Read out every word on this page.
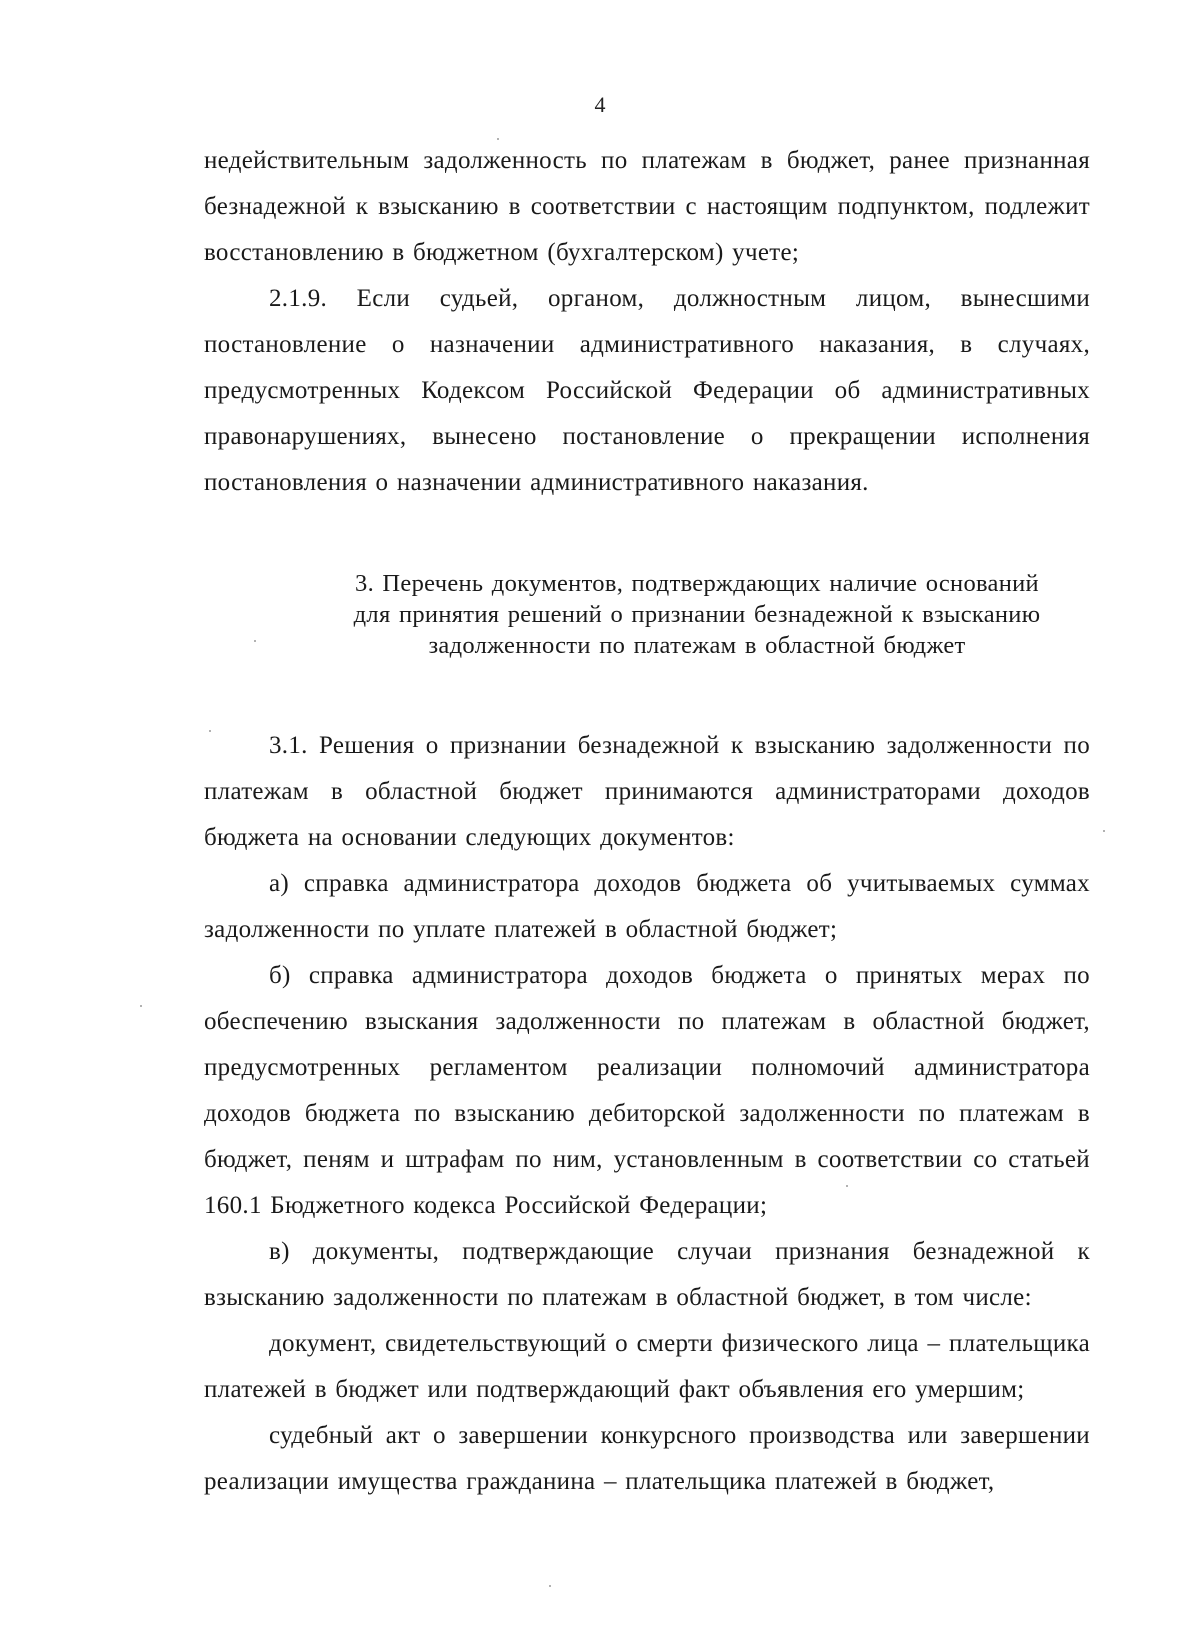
4

недействительным задолженность по платежам в бюджет, ранее признанная безнадежной к взысканию в соответствии с настоящим подпунктом, подлежит восстановлению в бюджетном (бухгалтерском) учете;

2.1.9. Если судьей, органом, должностным лицом, вынесшими постановление о назначении административного наказания, в случаях, предусмотренных Кодексом Российской Федерации об административных правонарушениях, вынесено постановление о прекращении исполнения постановления о назначении административного наказания.

3. Перечень документов, подтверждающих наличие оснований
для принятия решений о признании безнадежной к взысканию
задолженности по платежам в областной бюджет

3.1. Решения о признании безнадежной к взысканию задолженности по платежам в областной бюджет принимаются администраторами доходов бюджета на основании следующих документов:

а) справка администратора доходов бюджета об учитываемых суммах задолженности по уплате платежей в областной бюджет;

б) справка администратора доходов бюджета о принятых мерах по обеспечению взыскания задолженности по платежам в областной бюджет, предусмотренных регламентом реализации полномочий администратора доходов бюджета по взысканию дебиторской задолженности по платежам в бюджет, пеням и штрафам по ним, установленным в соответствии со статьей 160.1 Бюджетного кодекса Российской Федерации;

в) документы, подтверждающие случаи признания безнадежной к взысканию задолженности по платежам в областной бюджет, в том числе:

документ, свидетельствующий о смерти физического лица – плательщика платежей в бюджет или подтверждающий факт объявления его умершим;

судебный акт о завершении конкурсного производства или завершении реализации имущества гражданина – плательщика платежей в бюджет,
